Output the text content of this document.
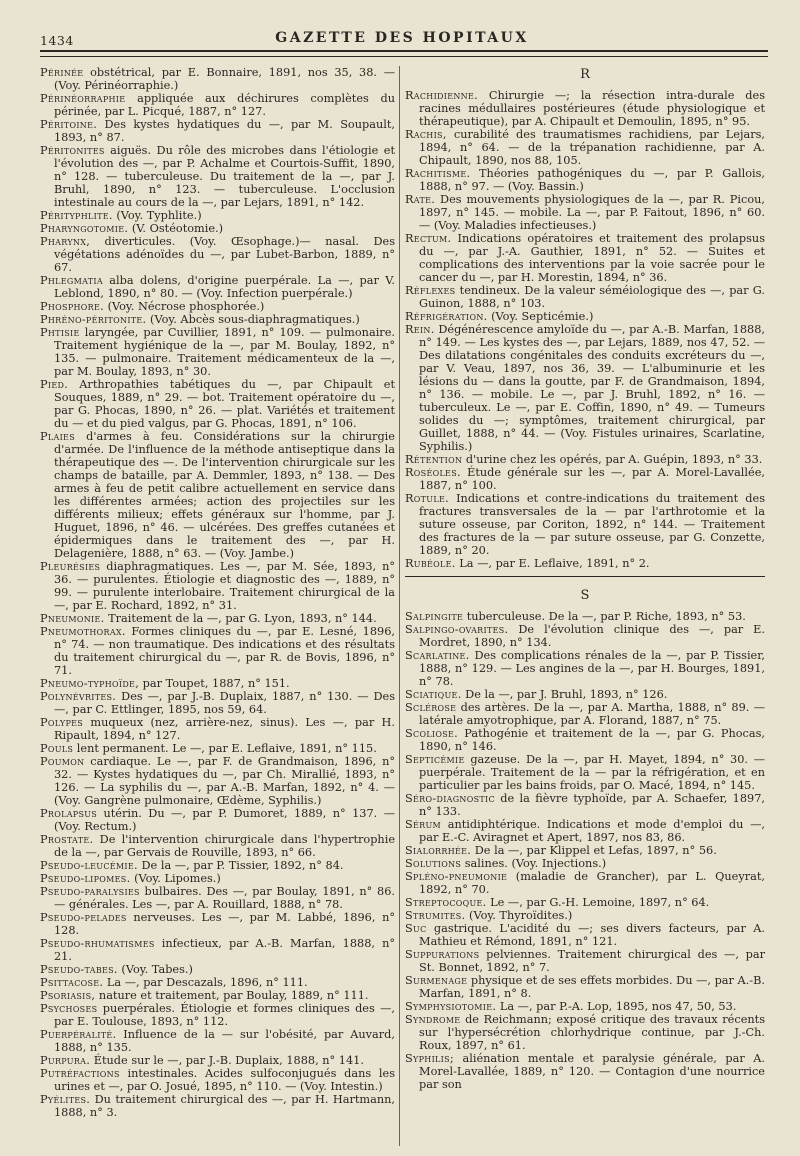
1434	GAZETTE DES HOPITAUX

Périnée obstétrical, par E. Bonnaire, 1891, nos 35, 38. — (Voy. Périnéorraphie.)

Périnéorraphie appliquée aux déchirures complètes du périnée, par L. Picqué, 1887, n° 127.

Péritoine. Des kystes hydatiques du —, par M. Soupault, 1893, n° 87.

Péritonites aiguës. Du rôle des microbes dans l'étiologie et l'évolution des —, par P. Achalme et Courtois-Suffit, 1890, n° 128. — tuberculeuse. Du traitement de la —, par J. Bruhl, 1890, n° 123. — tuberculeuse. L'occlusion intestinale au cours de la —, par Lejars, 1891, n° 142.

Pérityphlite. (Voy. Typhlite.)

Pharyngotomie. (V. Ostéotomie.)

Pharynx, diverticules. (Voy. Œsophage.)— nasal. Des végétations adénoïdes du —, par Lubet-Barbon, 1889, n° 67.

Phlegmatia alba dolens, d'origine puerpérale. La —, par V. Leblond, 1890, n° 80. — (Voy. Infection puerpérale.)

Phosphore. (Voy. Nécrose phosphorée.)

Phréno-péritonite. (Voy. Abcès sous-diaphragmatiques.)

Phtisie laryngée, par Cuvillier, 1891, n° 109. — pulmonaire. Traitement hygiénique de la —, par M. Boulay, 1892, n° 135. — pulmonaire. Traitement médicamenteux de la —, par M. Boulay, 1893, n° 30.

Pied. Arthropathies tabétiques du —, par Chipault et Souques, 1889, n° 29. — bot. Traitement opératoire du —, par G. Phocas, 1890, n° 26. — plat. Variétés et traitement du — et du pied valgus, par G. Phocas, 1891, n° 106.

Plaies d'armes à feu. Considérations sur la chirurgie d'armée. De l'influence de la méthode antiseptique dans la thérapeutique des —. De l'intervention chirurgicale sur les champs de bataille, par A. Demmler, 1893, n° 138. — Des armes à feu de petit calibre actuellement en service dans les différentes armées; action des projectiles sur les différents milieux; effets généraux sur l'homme, par J. Huguet, 1896, n° 46. — ulcérées. Des greffes cutanées et épidermiques dans le traitement des —, par H. Delagenière, 1888, n° 63. — (Voy. Jambe.)

Pleurésies diaphragmatiques. Les —, par M. Sée, 1893, n° 36. — purulentes. Étiologie et diagnostic des —, 1889, n° 99. — purulente interlobaire. Traitement chirurgical de la —, par E. Rochard, 1892, n° 31.

Pneumonie. Traitement de la —, par G. Lyon, 1893, n° 144.

Pneumothorax. Formes cliniques du —, par E. Lesné, 1896, n° 74. — non traumatique. Des indications et des résultats du traitement chirurgical du —, par R. de Bovis, 1896, n° 71.

Pneumo-typhoïde, par Toupet, 1887, n° 151.

Polynévrites. Des —, par J.-B. Duplaix, 1887, n° 130. — Des —, par C. Ettlinger, 1895, nos 59, 64.

Polypes muqueux (nez, arrière-nez, sinus). Les —, par H. Ripault, 1894, n° 127.

Pouls lent permanent. Le —, par E. Leflaive, 1891, n° 115.

Poumon cardiaque. Le —, par F. de Grandmaison, 1896, n° 32. — Kystes hydatiques du —, par Ch. Mirallié, 1893, n° 126. — La syphilis du —, par A.-B. Marfan, 1892, n° 4. — (Voy. Gangrène pulmonaire, Œdème, Syphilis.)

Prolapsus utérin. Du —, par P. Dumoret, 1889, n° 137. — (Voy. Rectum.)

Prostate. De l'intervention chirurgicale dans l'hypertrophie de la —, par Gervais de Rouville, 1893, n° 66.

Pseudo-leucémie. De la —, par P. Tissier, 1892, n° 84.

Pseudo-lipomes. (Voy. Lipomes.)

Pseudo-paralysies bulbaires. Des —, par Boulay, 1891, n° 86. — générales. Les —, par A. Rouillard, 1888, n° 78.

Pseudo-pelades nerveuses. Les —, par M. Labbé, 1896, n° 128.

Pseudo-rhumatismes infectieux, par A.-B. Marfan, 1888, n° 21.

Pseudo-tabes. (Voy. Tabes.)

Psittacose. La —, par Descazals, 1896, n° 111.

Psoriasis, nature et traitement, par Boulay, 1889, n° 111.

Psychoses puerpérales. Étiologie et formes cliniques des —, par E. Toulouse, 1893, n° 112.

Puerpéralité. Influence de la — sur l'obésité, par Auvard, 1888, n° 135.

Purpura. Étude sur le —, par J.-B. Duplaix, 1888, n° 141.

Putréfactions intestinales. Acides sulfoconjugués dans les urines et —, par O. Josué, 1895, n° 110. — (Voy. Intestin.)

Pyélites. Du traitement chirurgical des —, par H. Hartmann, 1888, n° 3.

R

Rachidienne. Chirurgie —; la résection intra-durale des racines médullaires postérieures (étude physiologique et thérapeutique), par A. Chipault et Demoulin, 1895, n° 95.

Rachis, curabilité des traumatismes rachidiens, par Lejars, 1894, n° 64. — de la trépanation rachidienne, par A. Chipault, 1890, nos 88, 105.

Rachitisme. Théories pathogéniques du —, par P. Gallois, 1888, n° 97. — (Voy. Bassin.)

Rate. Des mouvements physiologiques de la —, par R. Picou, 1897, n° 145. — mobile. La —, par P. Faitout, 1896, n° 60. — (Voy. Maladies infectieuses.)

Rectum. Indications opératoires et traitement des prolapsus du —, par J.-A. Gauthier, 1891, n° 52. — Suites et complications des interventions par la voie sacrée pour le cancer du —, par H. Morestin, 1894, n° 36.

Réflexes tendineux. De la valeur séméiologique des —, par G. Guinon, 1888, n° 103.

Réfrigération. (Voy. Septicémie.)

Rein. Dégénérescence amyloïde du —, par A.-B. Marfan, 1888, n° 149. — Les kystes des —, par Lejars, 1889, nos 47, 52. — Des dilatations congénitales des conduits excréteurs du —, par V. Veau, 1897, nos 36, 39. — L'albuminurie et les lésions du — dans la goutte, par F. de Grandmaison, 1894, n° 136. — mobile. Le —, par J. Bruhl, 1892, n° 16. — tuberculeux. Le —, par E. Coffin, 1890, n° 49. — Tumeurs solides du —; symptômes, traitement chirurgical, par Guillet, 1888, n° 44. — (Voy. Fistules urinaires, Scarlatine, Syphilis.)

Rétention d'urine chez les opérés, par A. Guépin, 1893, n° 33.

Roséoles. Étude générale sur les —, par A. Morel-Lavallée, 1887, n° 100.

Rotule. Indications et contre-indications du traitement des fractures transversales de la — par l'arthrotomie et la suture osseuse, par Coriton, 1892, n° 144. — Traitement des fractures de la — par suture osseuse, par G. Conzette, 1889, n° 20.

Rubéole. La —, par E. Leflaive, 1891, n° 2.

S

Salpingite tuberculeuse. De la —, par P. Riche, 1893, n° 53.

Salpingo-ovarites. De l'évolution clinique des —, par E. Mordret, 1890, n° 134.

Scarlatine. Des complications rénales de la —, par P. Tissier, 1888, n° 129. — Les angines de la —, par H. Bourges, 1891, n° 78.

Sciatique. De la —, par J. Bruhl, 1893, n° 126.

Sclérose des artères. De la —, par A. Martha, 1888, n° 89. — latérale amyotrophique, par A. Florand, 1887, n° 75.

Scoliose. Pathogénie et traitement de la —, par G. Phocas, 1890, n° 146.

Septicémie gazeuse. De la —, par H. Mayet, 1894, n° 30. — puerpérale. Traitement de la — par la réfrigération, et en particulier par les bains froids, par O. Macé, 1894, n° 145.

Séro-diagnostic de la fièvre typhoïde, par A. Schaefer, 1897, n° 133.

Sérum antidiphtérique. Indications et mode d'emploi du —, par E.-C. Aviragnet et Apert, 1897, nos 83, 86.

Sialorrhée. De la —, par Klippel et Lefas, 1897, n° 56.

Solutions salines. (Voy. Injections.)

Spléno-pneumonie (maladie de Grancher), par L. Queyrat, 1892, n° 70.

Streptocoque. Le —, par G.-H. Lemoine, 1897, n° 64.

Strumites. (Voy. Thyroïdites.)

Suc gastrique. L'acidité du —; ses divers facteurs, par A. Mathieu et Rémond, 1891, n° 121.

Suppurations pelviennes. Traitement chirurgical des —, par St. Bonnet, 1892, n° 7.

Surmenage physique et de ses effets morbides. Du —, par A.-B. Marfan, 1891, n° 8.

Symphysiotomie. La —, par P.-A. Lop, 1895, nos 47, 50, 53.

Syndrome de Reichmann; exposé critique des travaux récents sur l'hypersécrétion chlorhydrique continue, par J.-Ch. Roux, 1897, n° 61.

Syphilis; aliénation mentale et paralysie générale, par A. Morel-Lavallée, 1889, n° 120. — Contagion d'une nourrice par son
